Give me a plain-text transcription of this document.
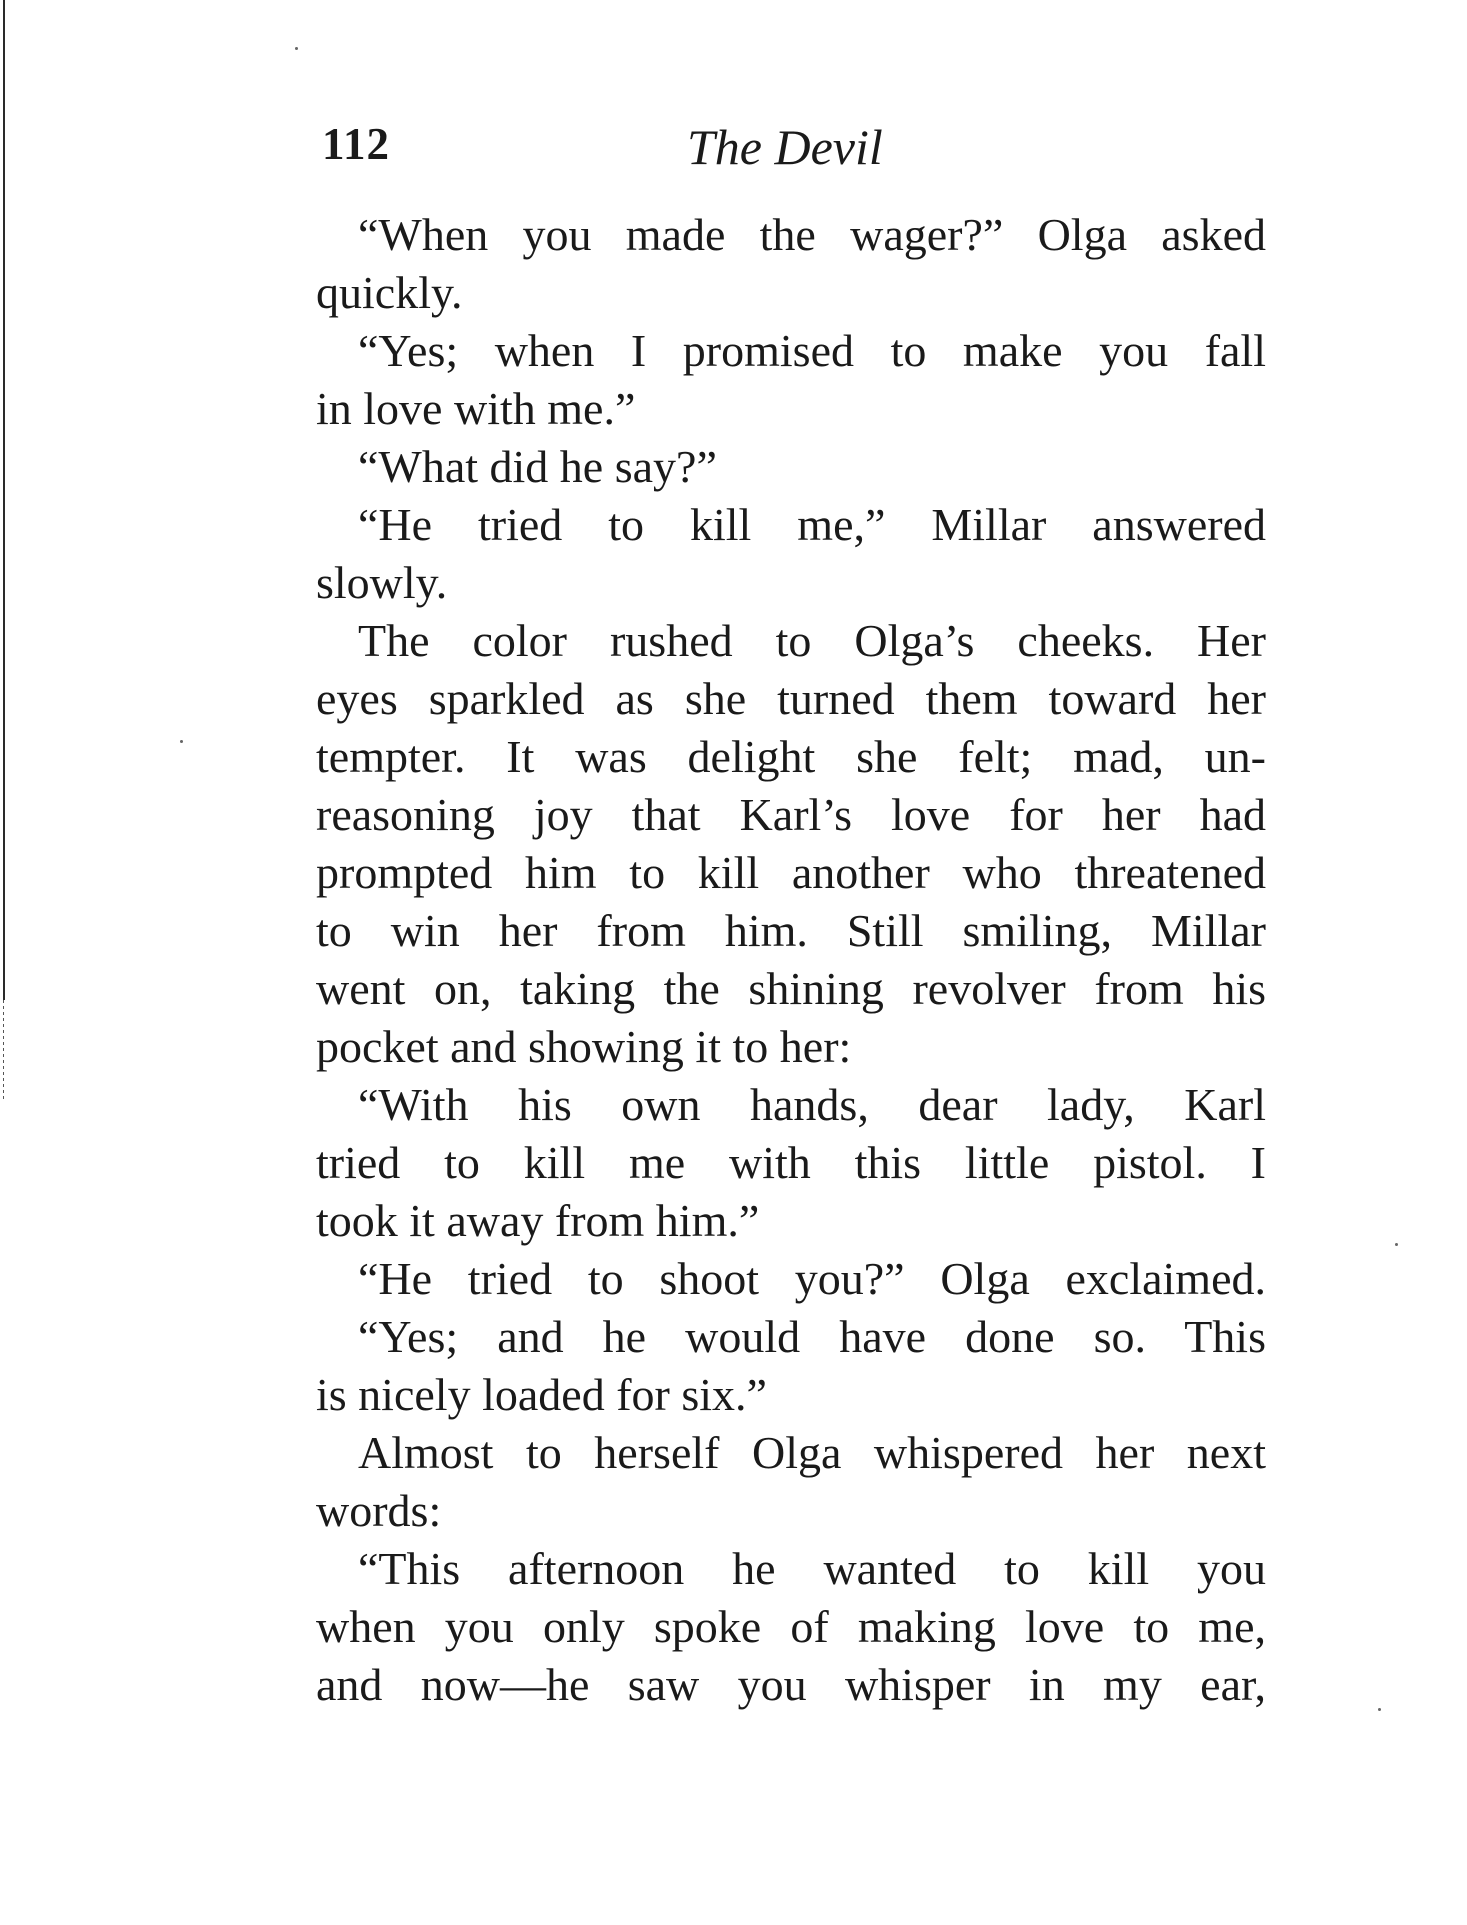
112	The Devil
“When you made the wager?” Olga asked
quickly.
“Yes; when I promised to make you fall
in love with me.”
“What did he say?”
“He tried to kill me,” Millar answered
slowly.
The color rushed to Olga’s cheeks. Her
eyes sparkled as she turned them toward her
tempter. It was delight she felt; mad, un-
reasoning joy that Karl’s love for her had
prompted him to kill another who threatened
to win her from him. Still smiling, Millar
went on, taking the shining revolver from his
pocket and showing it to her:
“With his own hands, dear lady, Karl
tried to kill me with this little pistol. I
took it away from him.”
“He tried to shoot you?” Olga exclaimed.
“Yes; and he would have done so. This
is nicely loaded for six.”
Almost to herself Olga whispered her next
words:
“This afternoon he wanted to kill you
when you only spoke of making love to me,
and now—he saw you whisper in my ear,
